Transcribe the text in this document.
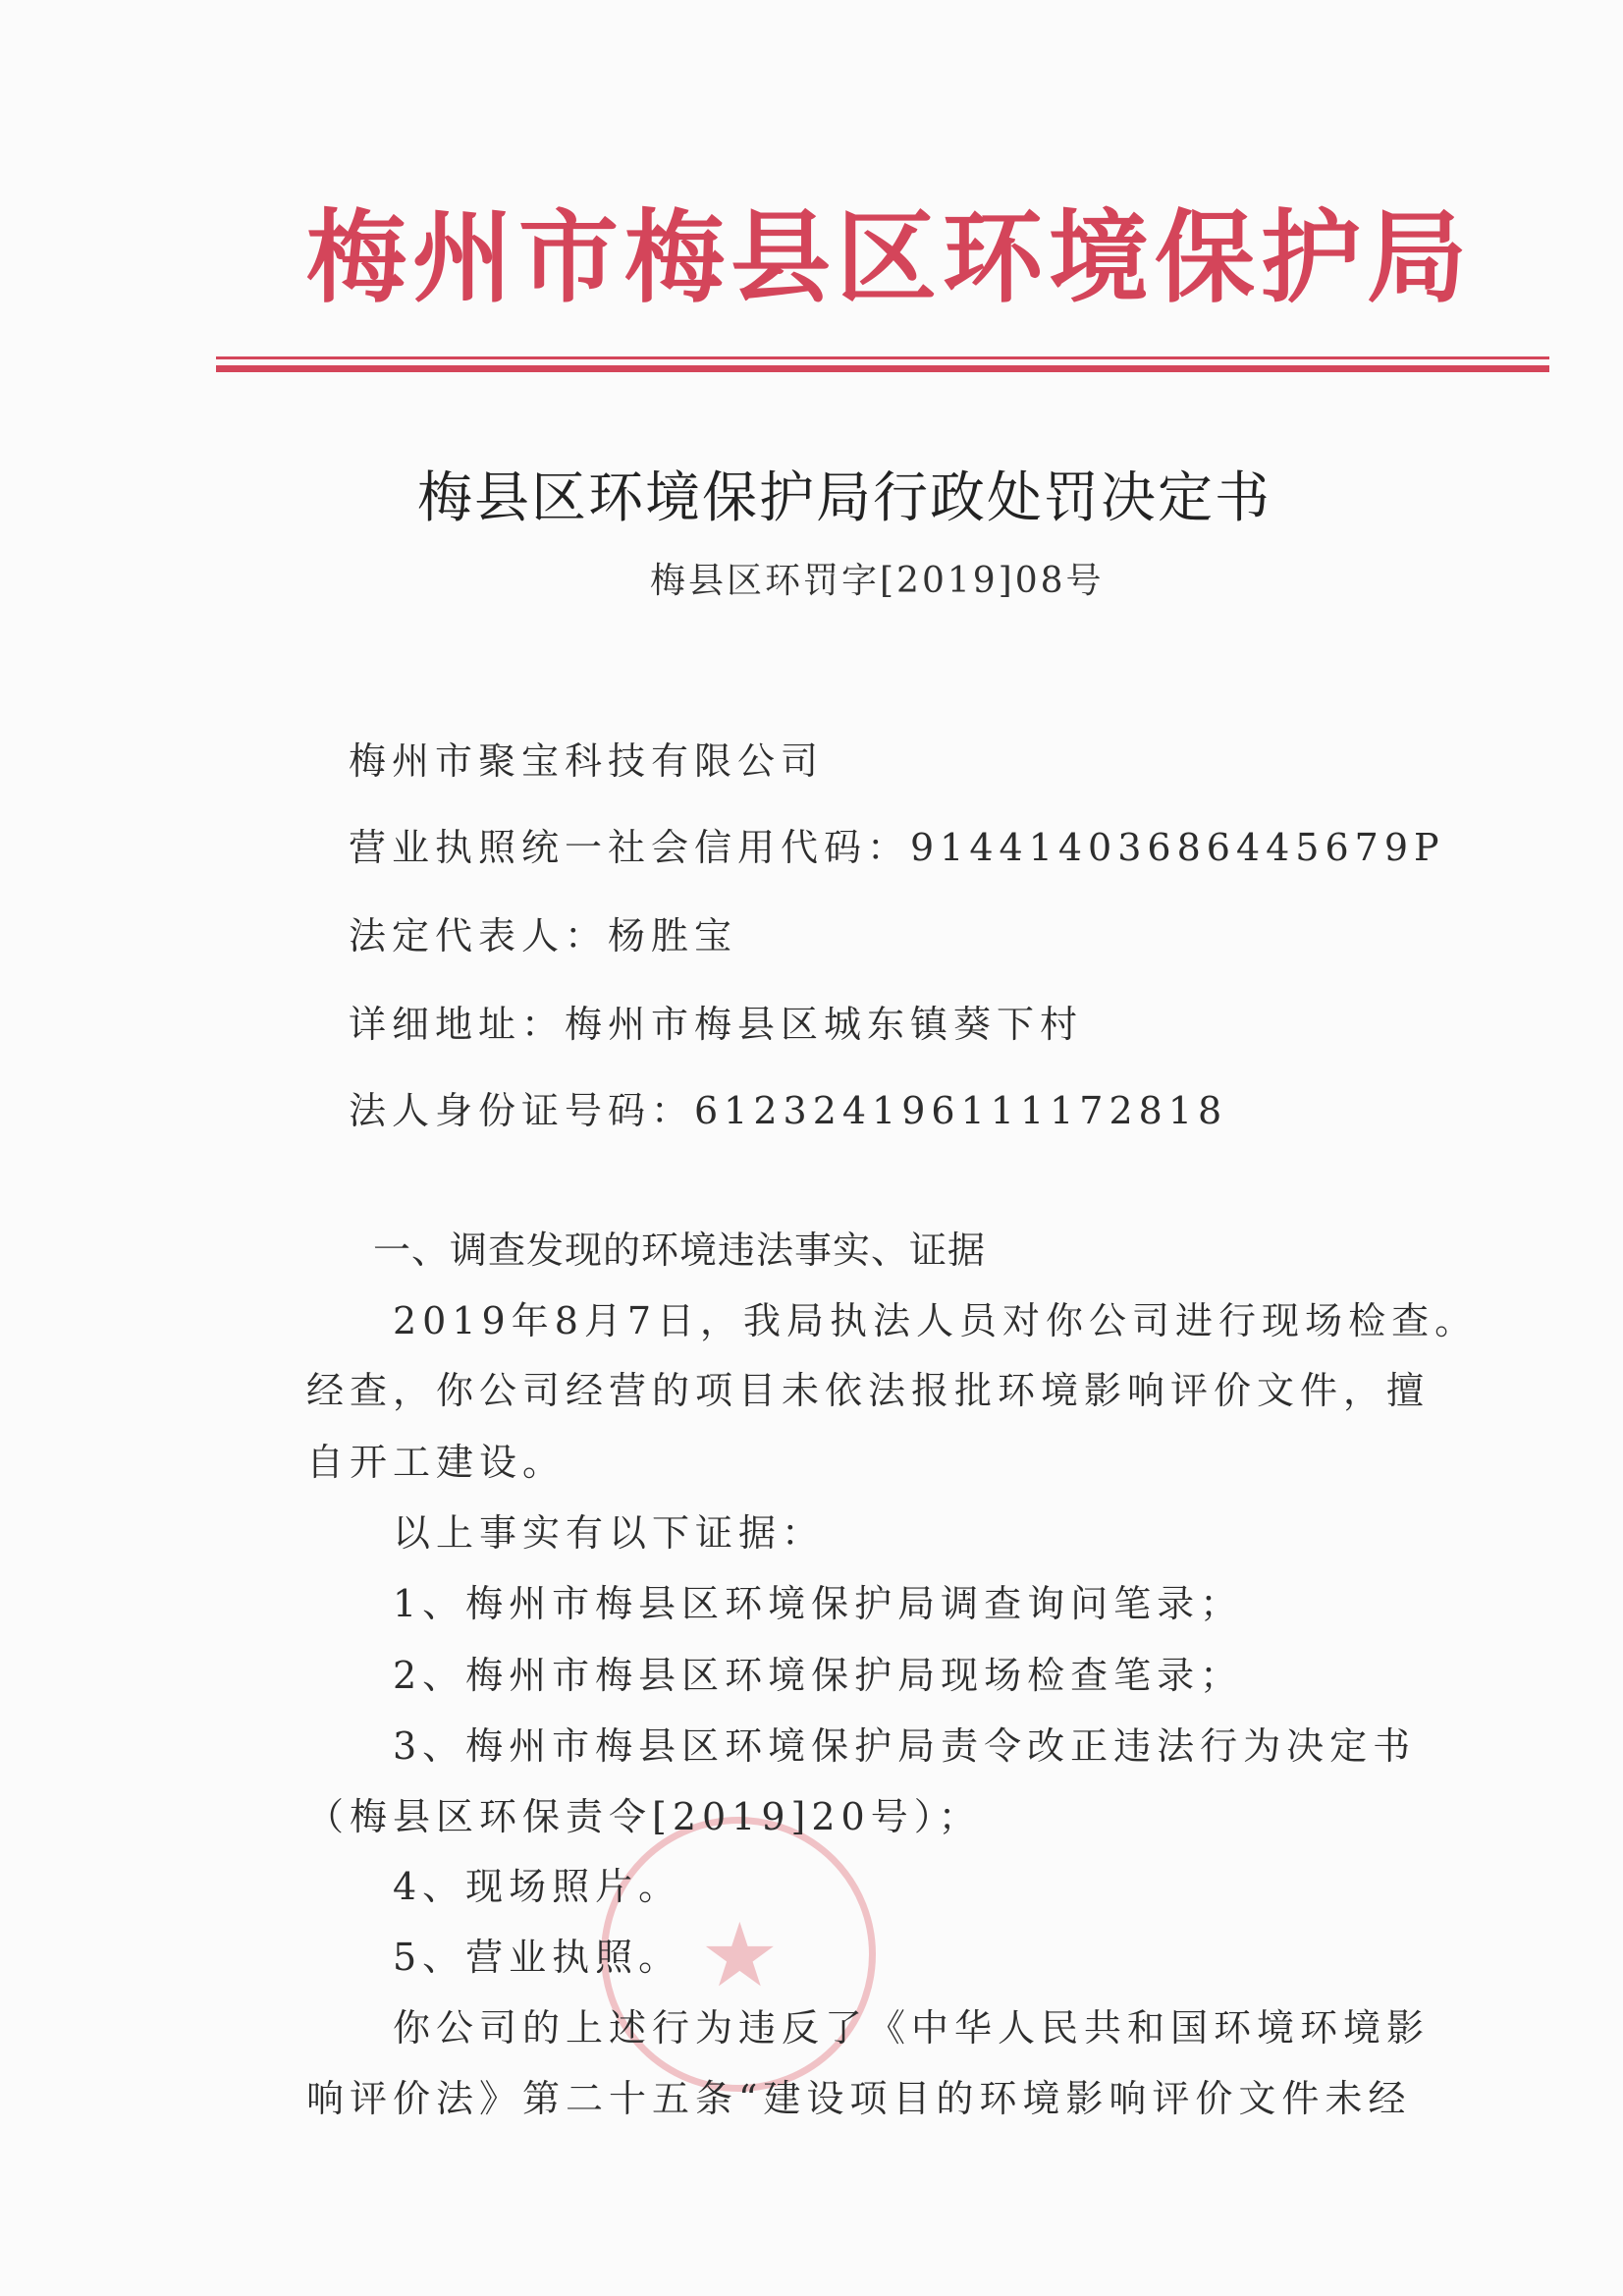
梅州市梅县区环境保护局
梅县区环境保护局行政处罚决定书
梅县区环罚字[2019]08号
梅州市聚宝科技有限公司
营业执照统一社会信用代码：91441403686445679P
法定代表人：杨胜宝
详细地址：梅州市梅县区城东镇葵下村
法人身份证号码：612324196111172818
★
一、调查发现的环境违法事实、证据
2019年8月7日，我局执法人员对你公司进行现场检查。
经查，你公司经营的项目未依法报批环境影响评价文件，擅
自开工建设。
以上事实有以下证据：
1、梅州市梅县区环境保护局调查询问笔录；
2、梅州市梅县区环境保护局现场检查笔录；
3、梅州市梅县区环境保护局责令改正违法行为决定书
（梅县区环保责令[2019]20号）；
4、现场照片。
5、营业执照。
你公司的上述行为违反了《中华人民共和国环境环境影
响评价法》第二十五条“建设项目的环境影响评价文件未经
